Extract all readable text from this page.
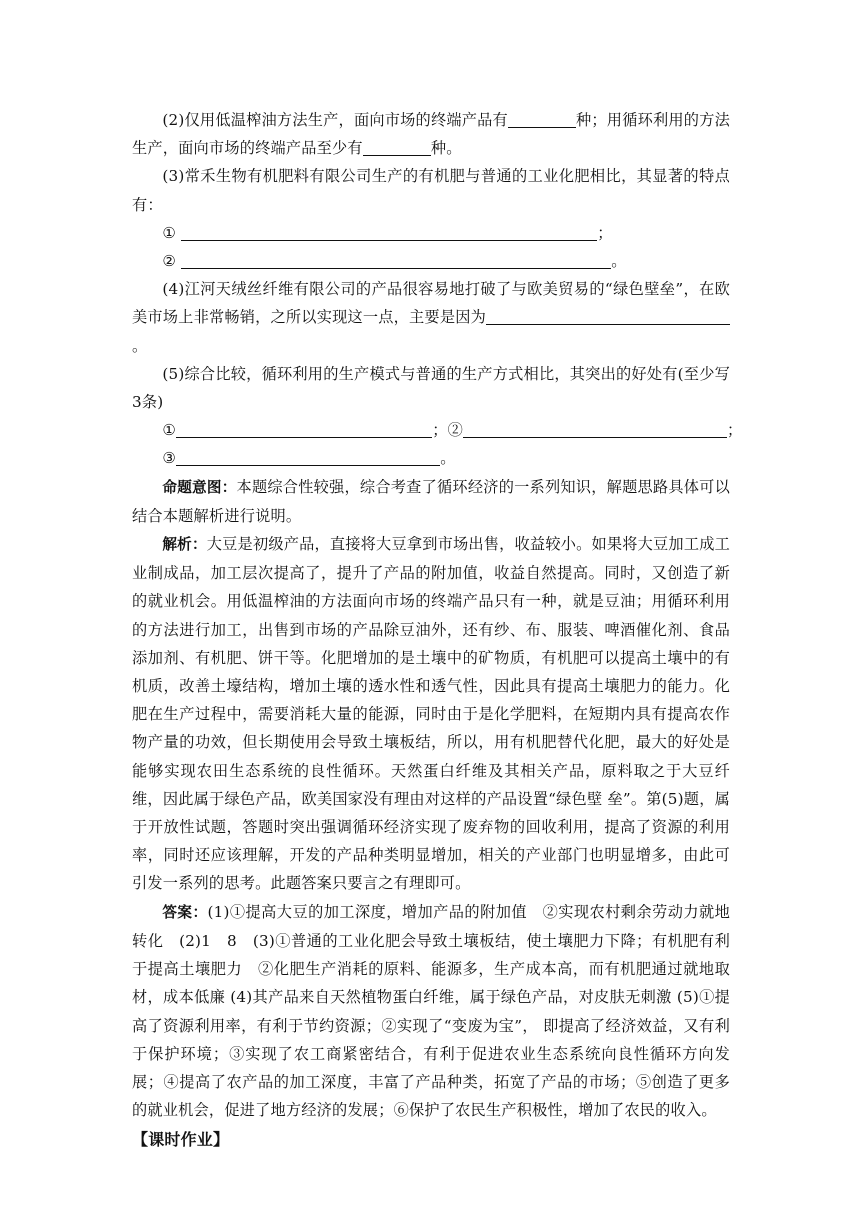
(2)仅用低温榨油方法生产，面向市场的终端产品有	种；用循环利用的方法生产，面向市场的终端产品至少有	种。

(3)常禾生物有机肥料有限公司生产的有机肥与普通的工业化肥相比，其显著的特点有：

①	；

②	。

(4)江河天绒丝纤维有限公司的产品很容易地打破了与欧美贸易的“绿色壁垒”，在欧美市场上非常畅销，之所以实现这一点，主要是因为。

(5)综合比较，循环利用的生产模式与普通的生产方式相比，其突出的好处有(至少写3条)

①	；②	；

③	。

命题意图：本题综合性较强，综合考查了循环经济的一系列知识，解题思路具体可以结合本题解析进行说明。

解析：大豆是初级产品，直接将大豆拿到市场出售，收益较小。如果将大豆加工成工业制成品，加工层次提高了，提升了产品的附加值，收益自然提高。同时，又创造了新的就业机会。用低温榨油的方法面向市场的终端产品只有一种，就是豆油；用循环利用的方法进行加工，出售到市场的产品除豆油外，还有纱、布、服装、啤酒催化剂、食品添加剂、有机肥、饼干等。化肥增加的是土壤中的矿物质，有机肥可以提高土壤中的有机质，改善土壕结构，增加土壤的透水性和透气性，因此具有提高土壤肥力的能力。化肥在生产过程中，需要消耗大量的能源，同时由于是化学肥料，在短期内具有提高农作物产量的功效，但长期使用会导致土壤板结，所以，用有机肥替代化肥，最大的好处是能够实现农田生态系统的良性循环。天然蛋白纤维及其相关产品，原料取之于大豆纤维，因此属于绿色产品，欧美国家没有理由对这样的产品设置“绿色壁 垒”。第(5)题，属于开放性试题，答题时突出强调循环经济实现了废弃物的回收利用，提高了资源的利用率，同时还应该理解，开发的产品种类明显增加，相关的产业部门也明显增多，由此可引发一系列的思考。此题答案只要言之有理即可。

答案：(1)①提高大豆的加工深度，增加产品的附加值　②实现农村剩余劳动力就地转化　(2)1　8　(3)①普通的工业化肥会导致土壤板结，使土壤肥力下降；有机肥有利于提高土壤肥力　②化肥生产消耗的原料、能源多，生产成本高，而有机肥通过就地取材，成本低廉 (4)其产品来自天然植物蛋白纤维，属于绿色产品，对皮肤无刺激 (5)①提高了资源利用率，有利于节约资源；②实现了“变废为宝”， 即提高了经济效益，又有利于保护环境；③实现了农工商紧密结合，有利于促进农业生态系统向良性循环方向发展；④提高了农产品的加工深度，丰富了产品种类，拓宽了产品的市场；⑤创造了更多的就业机会，促进了地方经济的发展；⑥保护了农民生产积极性，增加了农民的收入。

【课时作业】
